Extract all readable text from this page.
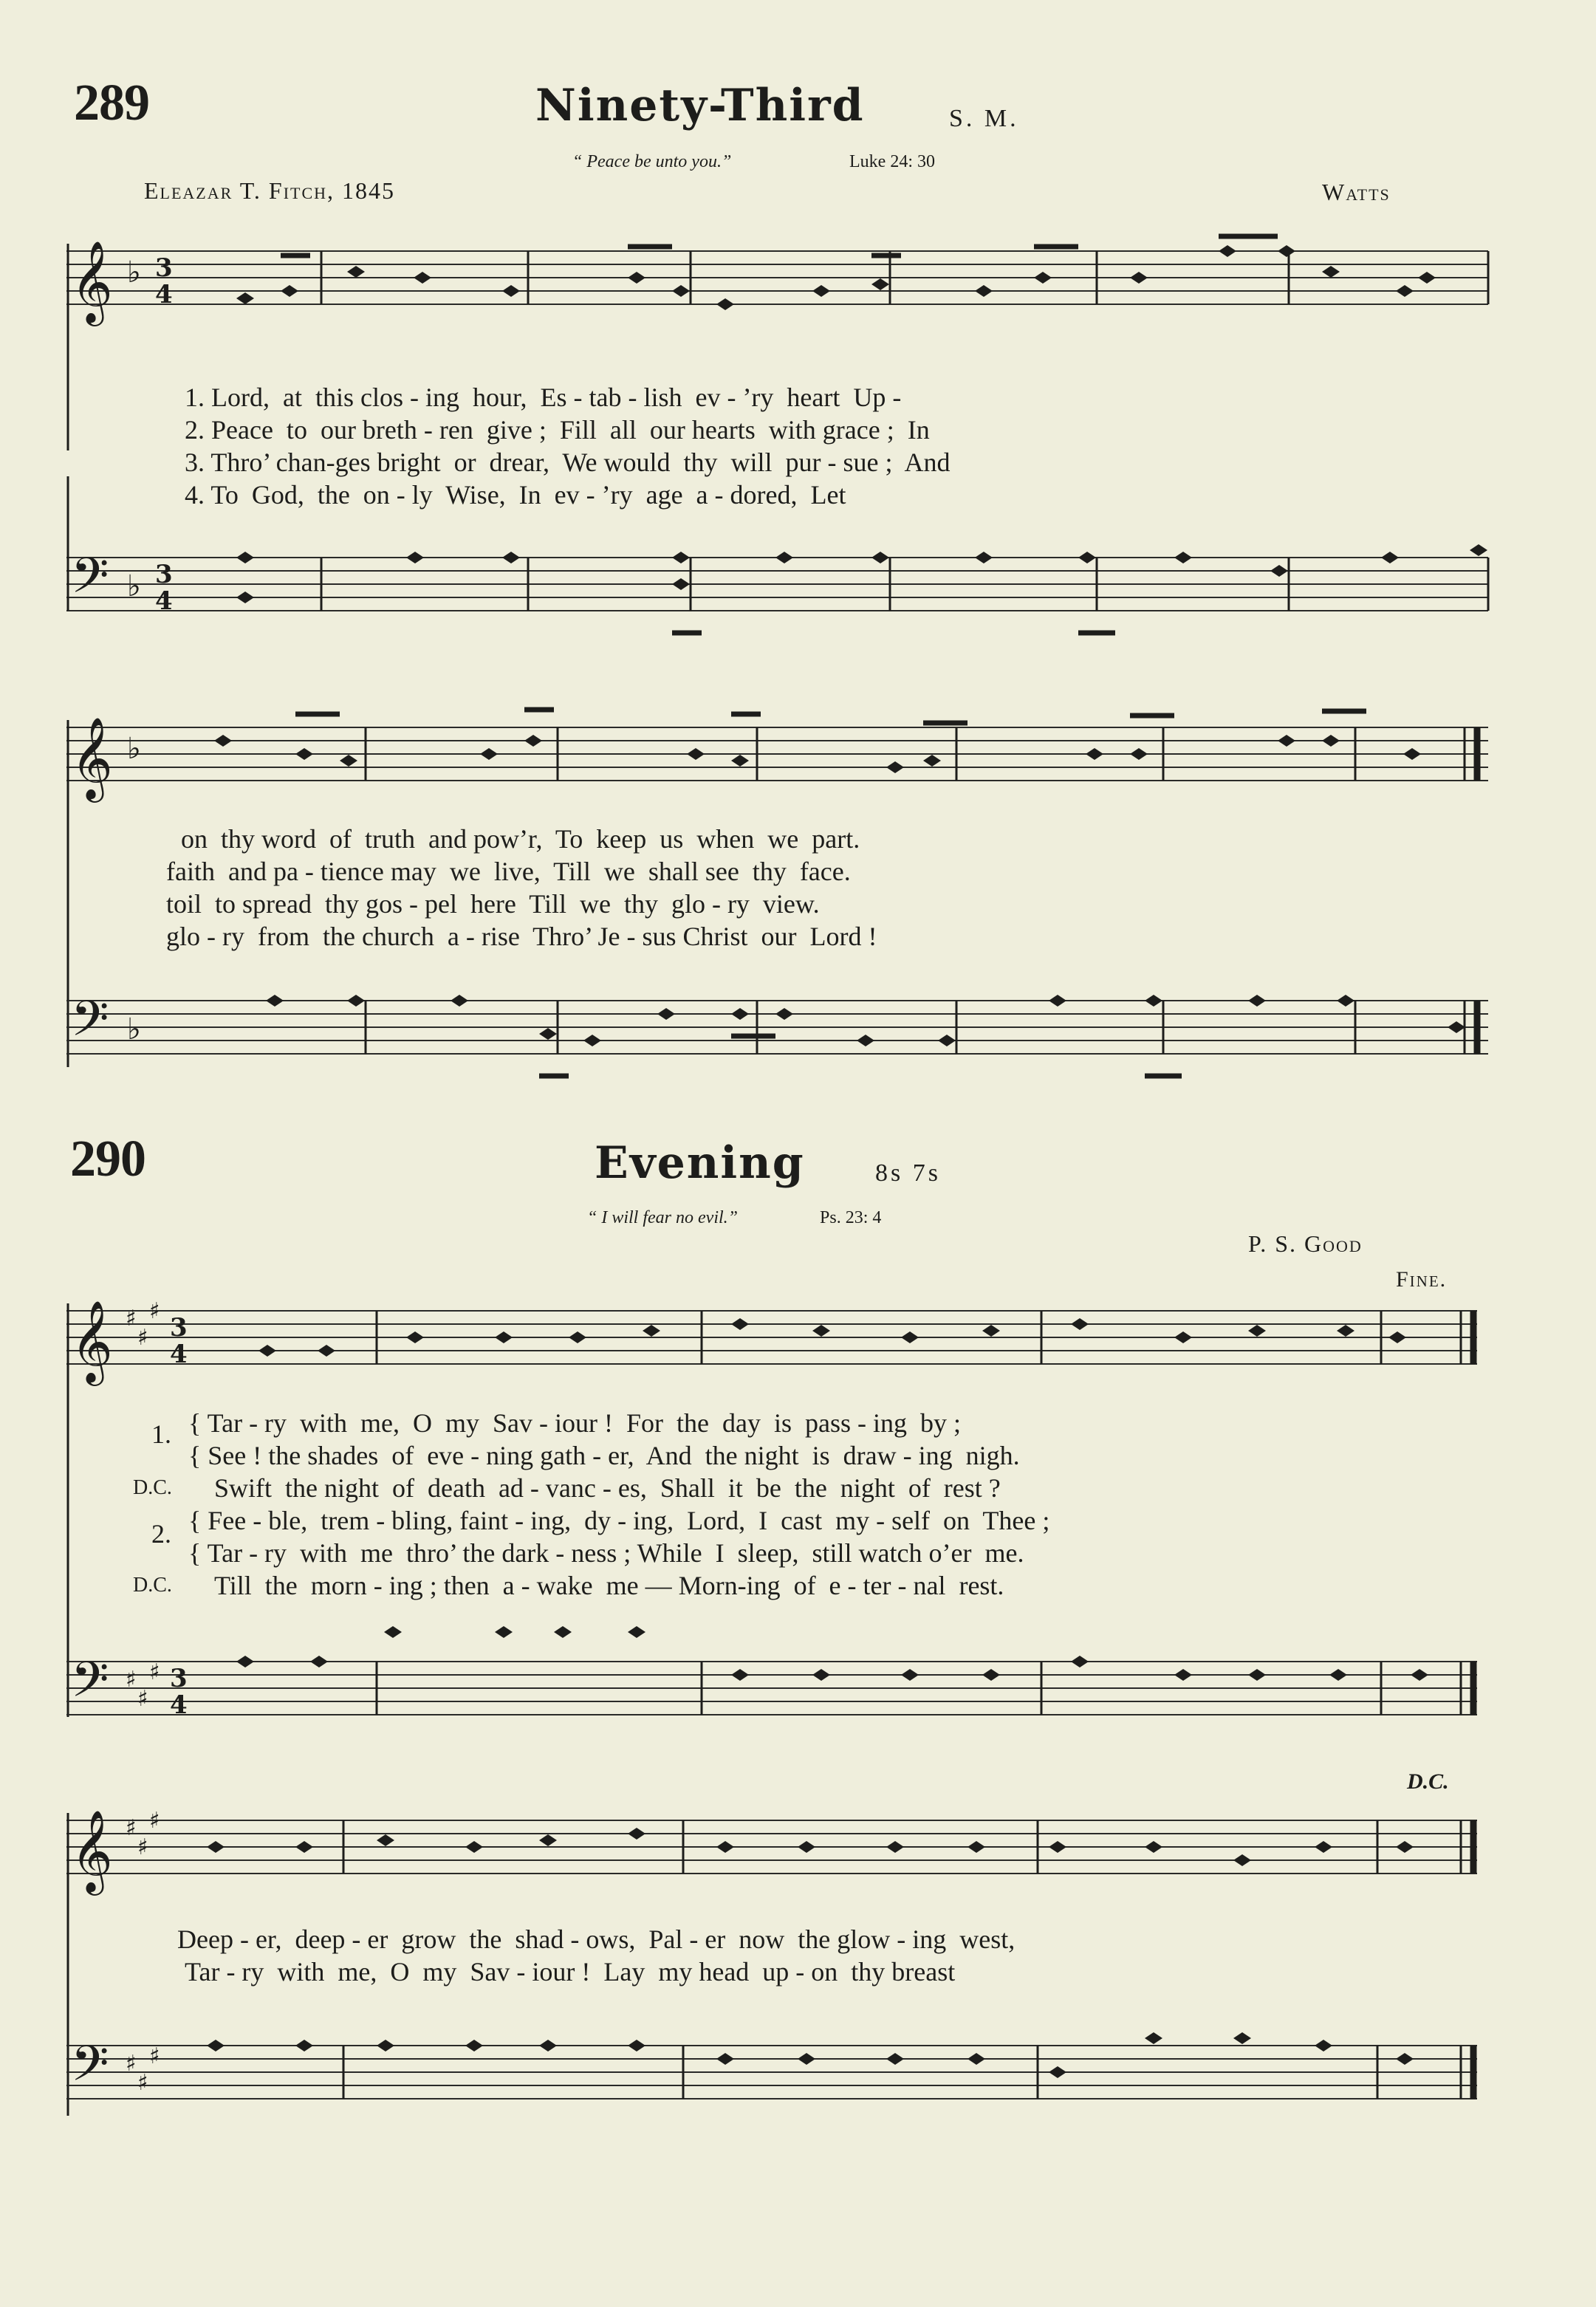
289	Ninety-Third	S. M.
“ Peace be unto you.”	Luke 24: 30
Eleazar T. Fitch, 1845	Watts
𝄞 ♭ 3
4
1. Lord,  at  this clos - ing  hour,  Es - tab - lish  ev - ’ry  heart  Up -
2. Peace  to  our breth - ren  give ;  Fill  all  our hearts  with grace ;  In
3. Thro’ chan-ges bright  or  drear,  We would  thy  will  pur - sue ;  And
4. To  God,  the  on - ly  Wise,  In  ev - ’ry  age  a - dored,  Let
𝄢 ♭ 3
4
𝄞 ♭
on  thy word  of  truth  and pow’r,  To  keep  us  when  we  part.
faith  and pa - tience may  we  live,  Till  we  shall see  thy  face.
toil  to spread  thy gos - pel  here  Till  we  thy  glo - ry  view.
glo - ry  from  the church  a - rise  Thro’ Je - sus Christ  our  Lord !
𝄢 ♭
290	Evening	8s 7s
“ I will fear no evil.”	Ps. 23: 4
P. S. Good
Fine.
𝄞 ♯
♯
♯
3
4
1. { Tar - ry  with  me,  O  my  Sav - iour !  For  the  day  is  pass - ing  by ;
{ See ! the shades  of  eve - ning gath - er,  And  the night  is  draw - ing  nigh.
D.C. Swift  the night  of  death  ad - vanc - es,  Shall  it  be  the  night  of  rest ?
2. { Fee - ble,  trem - bling, faint - ing,  dy - ing,  Lord,  I  cast  my - self  on  Thee ;
{ Tar - ry  with  me  thro’ the dark - ness ; While  I  sleep,  still watch o’er  me.
D.C. Till  the  morn - ing ; then  a - wake  me — Morn-ing  of  e - ter - nal  rest.
𝄢 ♯
♯
♯ 3
4
D.C.
𝄞 ♯
♯
♯
Deep - er,  deep - er  grow  the  shad - ows,  Pal - er  now  the glow - ing  west,
Tar - ry  with  me,  O  my  Sav - iour !  Lay  my head  up - on  thy breast
𝄢 ♯
♯
♯
